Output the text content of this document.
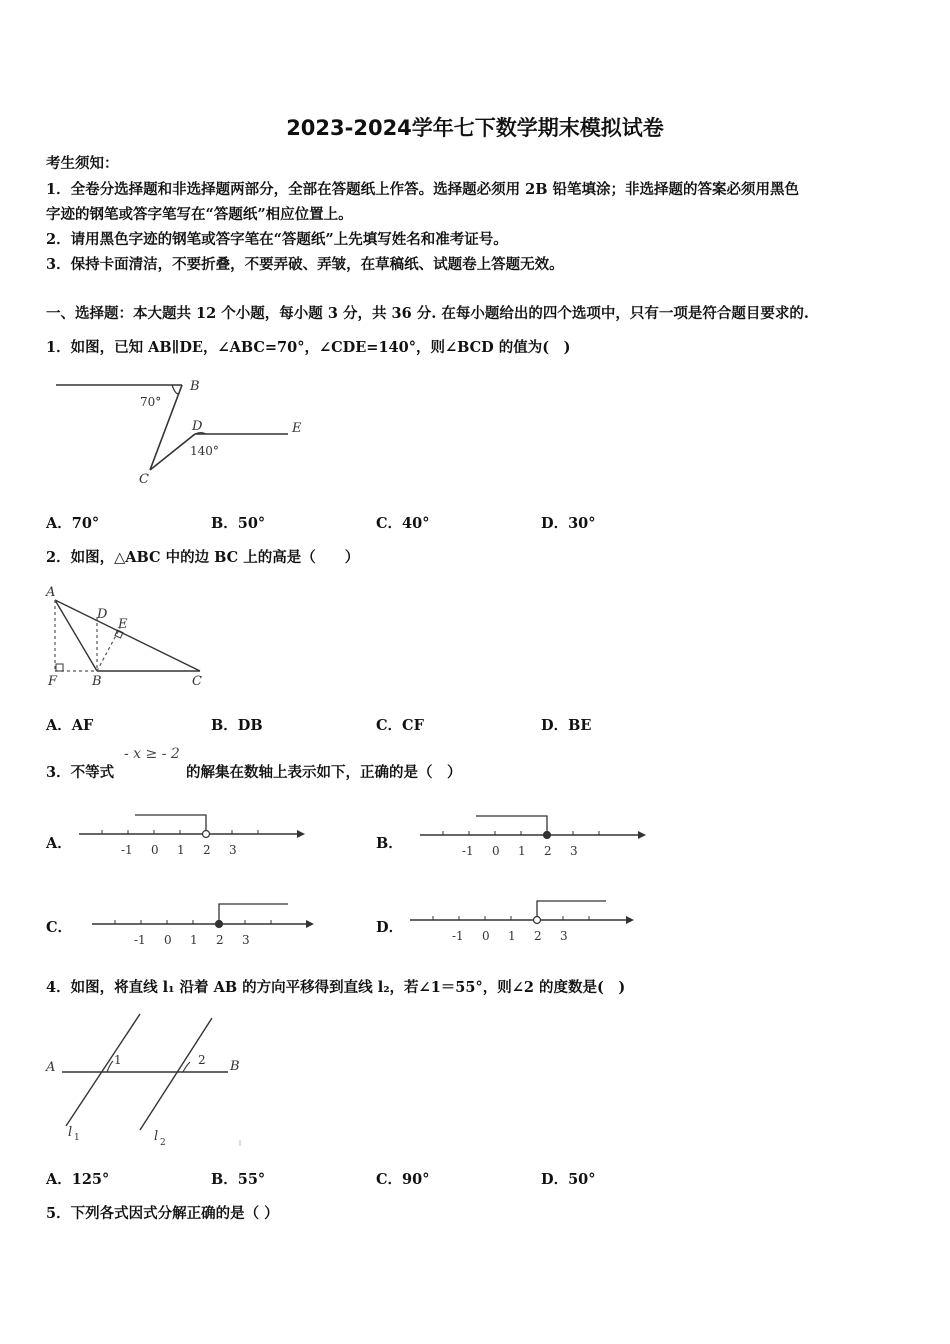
2023-2024学年七下数学期末模拟试卷
考生须知：
1．全卷分选择题和非选择题两部分，全部在答题纸上作答。选择题必须用 2B 铅笔填涂；非选择题的答案必须用黑色
字迹的钢笔或答字笔写在“答题纸”相应位置上。
2．请用黑色字迹的钢笔或答字笔在“答题纸”上先填写姓名和准考证号。
3．保持卡面清洁，不要折叠，不要弄破、弄皱，在草稿纸、试题卷上答题无效。
一、选择题：本大题共 12 个小题，每小题 3 分，共 36 分. 在每小题给出的四个选项中，只有一项是符合题目要求的.
1．如图，已知 AB∥DE，∠ABC=70°，∠CDE=140°，则∠BCD 的值为(　)
B
D	E
C
70°
140°
A．70°	B．50°	C．40°	D．30°
2．如图，△ABC 中的边 BC 上的高是（　　）
A
D
E
F	B	C
A．AF	B．DB	C．CF	D．BE
3．不等式
- x ≥ - 2
的解集在数轴上表示如下，正确的是（　）
A．	-1 0 1 2 3	B．	-1 0 1 2 3
C．
-1 0 1 2 3
D．	-1 0 1 2 3
4．如图，将直线 l₁ 沿着 AB 的方向平移得到直线 l₂，若∠1＝55°，则∠2 的度数是(　)
A	B
1	2
l 1	l 2
A．125°	B．55°	C．90°	D．50°
5．下列各式因式分解正确的是（ ）
